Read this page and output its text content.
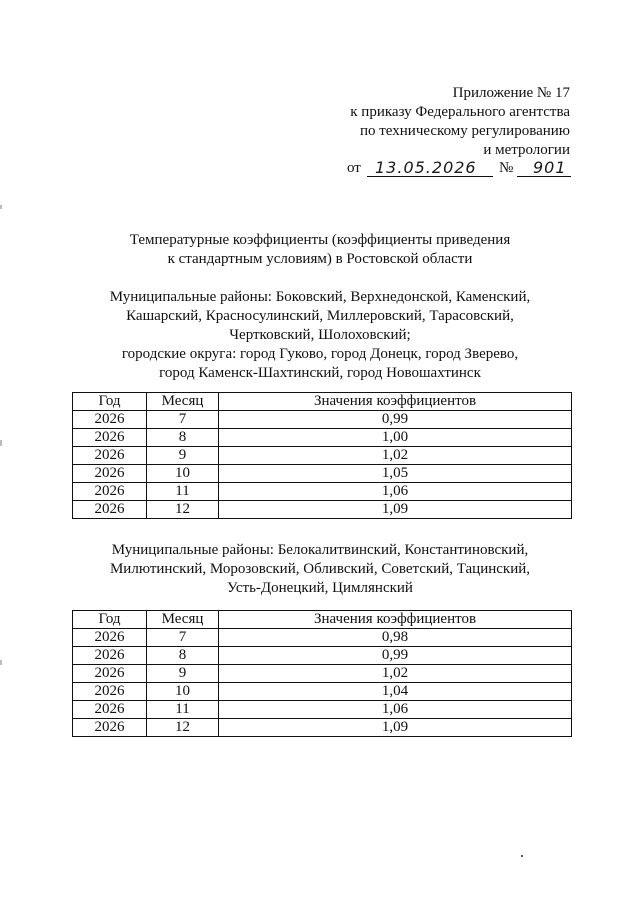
Приложение № 17
к приказу Федерального агентства
по техническому регулированию
и метрологии
от 13.05.2026 № 901
Температурные коэффициенты (коэффициенты приведения
к стандартным условиям) в Ростовской области
Муниципальные районы: Боковский, Верхнедонской, Каменский,
Кашарский, Красносулинский, Миллеровский, Тарасовский,
Чертковский, Шолоховский;
городские округа: город Гуково, город Донецк, город Зверево,
город Каменск-Шахтинский, город Новошахтинск
Год	Месяц	Значения коэффициентов
2026	7	0,99
2026	8	1,00
2026	9	1,02
2026	10	1,05
2026	11	1,06
2026	12	1,09
Муниципальные районы: Белокалитвинский, Константиновский,
Милютинский, Морозовский, Обливский, Советский, Тацинский,
Усть-Донецкий, Цимлянский
Год	Месяц	Значения коэффициентов
2026	7	0,98
2026	8	0,99
2026	9	1,02
2026	10	1,04
2026	11	1,06
2026	12	1,09
